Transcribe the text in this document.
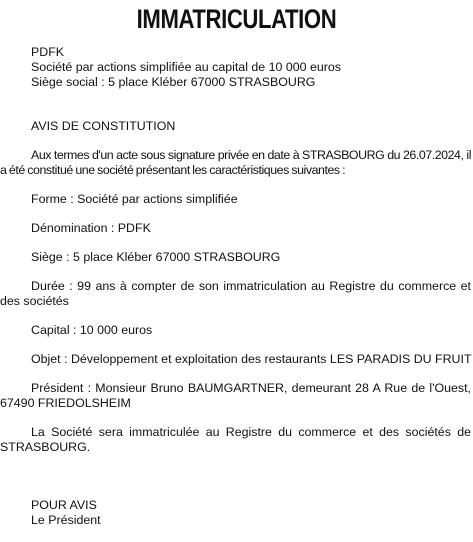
IMMATRICULATION
PDFK
Société par actions simplifiée au capital de 10 000 euros
Siège social : 5 place Kléber 67000 STRASBOURG
AVIS DE CONSTITUTION
Aux termes d'un acte sous signature privée en date à STRASBOURG du 26.07.2024, il a été constitué une société présentant les caractéristiques suivantes :
Forme : Société par actions simplifiée
Dénomination : PDFK
Siège : 5 place Kléber 67000 STRASBOURG
Durée : 99 ans à compter de son immatriculation au Registre du commerce et des sociétés
Capital : 10 000 euros
Objet : Développement et exploitation des restaurants LES PARADIS DU FRUIT
Président : Monsieur Bruno BAUMGARTNER, demeurant 28 A Rue de l'Ouest, 67490 FRIEDOLSHEIM
La Société sera immatriculée au Registre du commerce et des sociétés de STRASBOURG.
POUR AVIS
Le Président
